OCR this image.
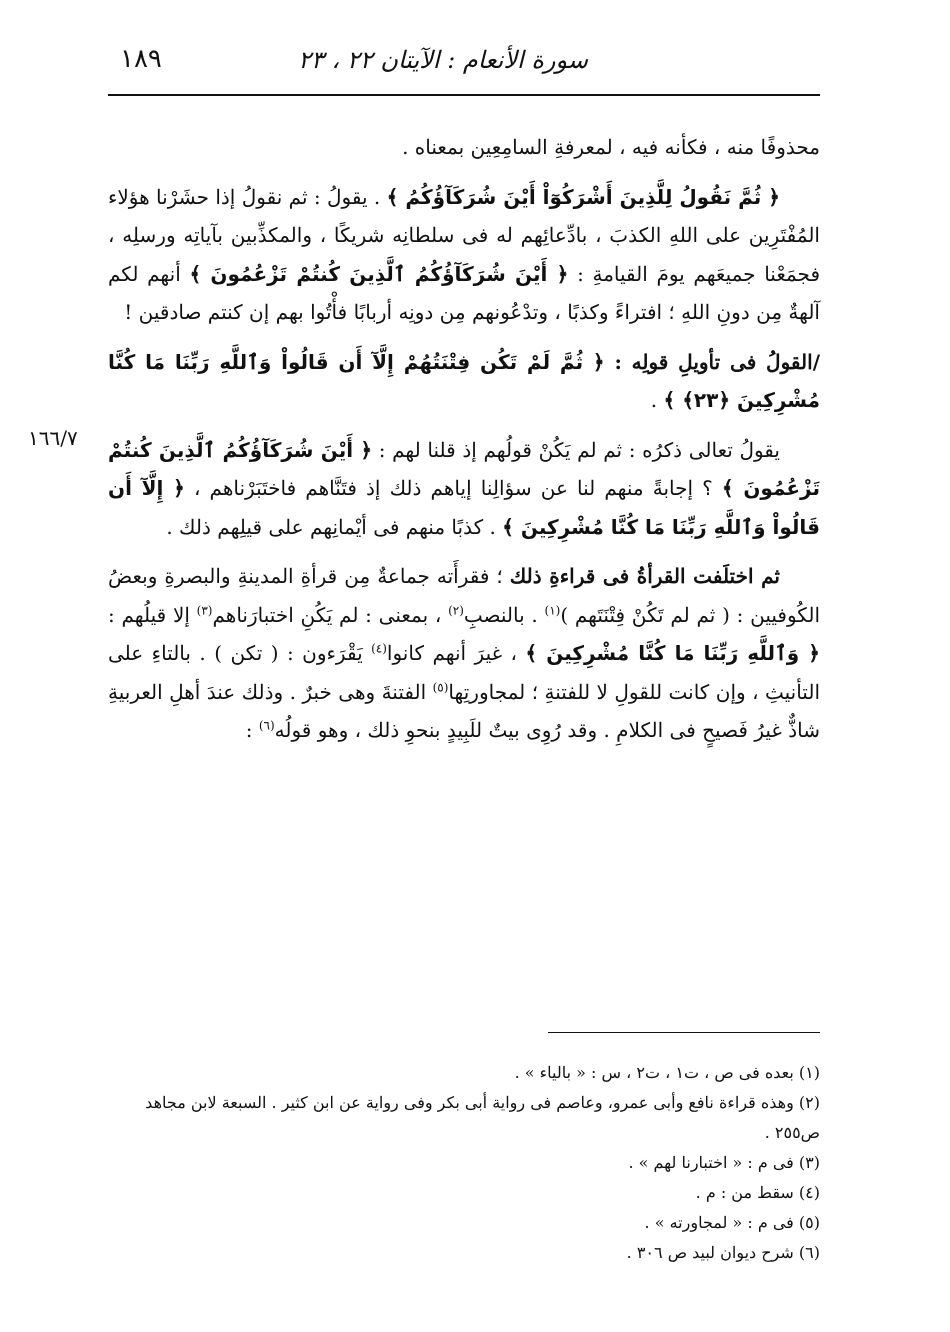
سورة الأنعام : الآيتان ٢٢ ، ٢٣
١٨٩
١٦٦/٧

محذوفًا منه ، فكأنه فيه ، لمعرفةِ السامِعِين بمعناه .

﴿ ثُمَّ نَقُولُ لِلَّذِينَ أَشْرَكُوٓاْ أَيْنَ شُرَكَآؤُكُمُ ﴾ . يقولُ : ثم نقولُ إذا حشَرْنا هؤلاء المُفْتَرِين على اللهِ الكذبَ ، بادِّعائِهم له فى سلطانِه شريكًا ، والمكذِّبين بآياتِه ورسلِه ، فجمَعْنا جميعَهم يومَ القيامةِ : ﴿ أَيْنَ شُرَكَآؤُكُمُ ٱلَّذِينَ كُنتُمْ تَزْعُمُونَ ﴾ أنهم لكم آلهةٌ مِن دونِ اللهِ ؛ افتراءً وكذبًا ، وتدْعُونهم مِن دونِه أربابًا فأْتُوا بهم إن كنتم صادقين !

/القولُ فى تأويلِ قولِه : ﴿ ثُمَّ لَمْ تَكُن فِتْنَتُهُمْ إِلَّآ أَن قَالُواْ وَٱللَّهِ رَبِّنَا مَا كُنَّا مُشْرِكِينَ ﴿٢٣﴾ ﴾ .

يقولُ تعالى ذكرُه : ثم لم يَكُنْ قولُهم إذ قلنا لهم : ﴿ أَيْنَ شُرَكَآؤُكُمُ ٱلَّذِينَ كُنتُمْ تَزْعُمُونَ ﴾ ؟ إجابةً منهم لنا عن سؤالِنا إياهم ذلك إذ فتَنَّاهم فاختَبَرْناهم ، ﴿ إِلَّآ أَن قَالُواْ وَٱللَّهِ رَبِّنَا مَا كُنَّا مُشْرِكِينَ ﴾ . كذبًا منهم فى أيْمانِهم على قيلِهم ذلك .

ثم اختلَفت القرأةُ فى قراءةِ ذلك ؛ فقرأَته جماعةٌ مِن قرأةِ المدينةِ والبصرةِ وبعضُ الكُوفيين : ( ثم لم تَكُنْ فِتْنَتَهم )$^{(١)}$ . بالنصبِ$^{(٢)}$ ، بمعنى : لم يَكُنِ اختبارَناهم$^{(٣)}$ إلا قيلُهم : ﴿ وَٱللَّهِ رَبِّنَا مَا كُنَّا مُشْرِكِينَ ﴾ ، غيرَ أنهم كانوا$^{(٤)}$ يَقْرَءون : ( تكن ) . بالتاءِ على التأنيثِ ، وإن كانت للقولِ لا للفتنةِ ؛ لمجاورتِها$^{(٥)}$ الفتنةَ وهى خبرٌ . وذلك عندَ أهلِ العربيةِ شاذٌّ غيرُ فَصيحٍ فى الكلامِ . وقد رُوِى بيتٌ للَبِيدٍ بنحوِ ذلك ، وهو قولُه$^{(٦)}$ :

(١) بعده فى ص ، ت١ ، ت٢ ، س : « بالياء » .

(٢) وهذه قراءة نافع وأبى عمرو، وعاصم فى رواية أبى بكر وفى رواية عن ابن كثير . السبعة لابن مجاهد ص٢٥٥ .

(٣) فى م : « اختبارنا لهم » .

(٤) سقط من : م .

(٥) فى م : « لمجاورته » .

(٦) شرح ديوان لبيد ص ٣٠٦ .
